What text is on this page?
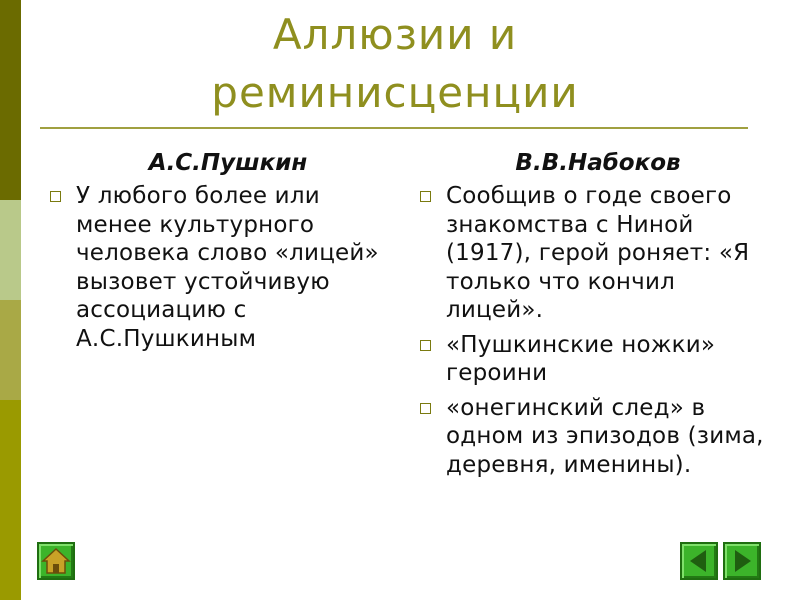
Аллюзии и
реминисценции
А.С.Пушкин
У любого более или менее культурного человека слово «лицей» вызовет устойчивую ассоциацию с А.С.Пушкиным
В.В.Набоков
Сообщив о годе своего знакомства с Ниной (1917), герой роняет: «Я только что кончил лицей».
«Пушкинские ножки» героини
«онегинский след» в одном из эпизодов (зима, деревня, именины).
